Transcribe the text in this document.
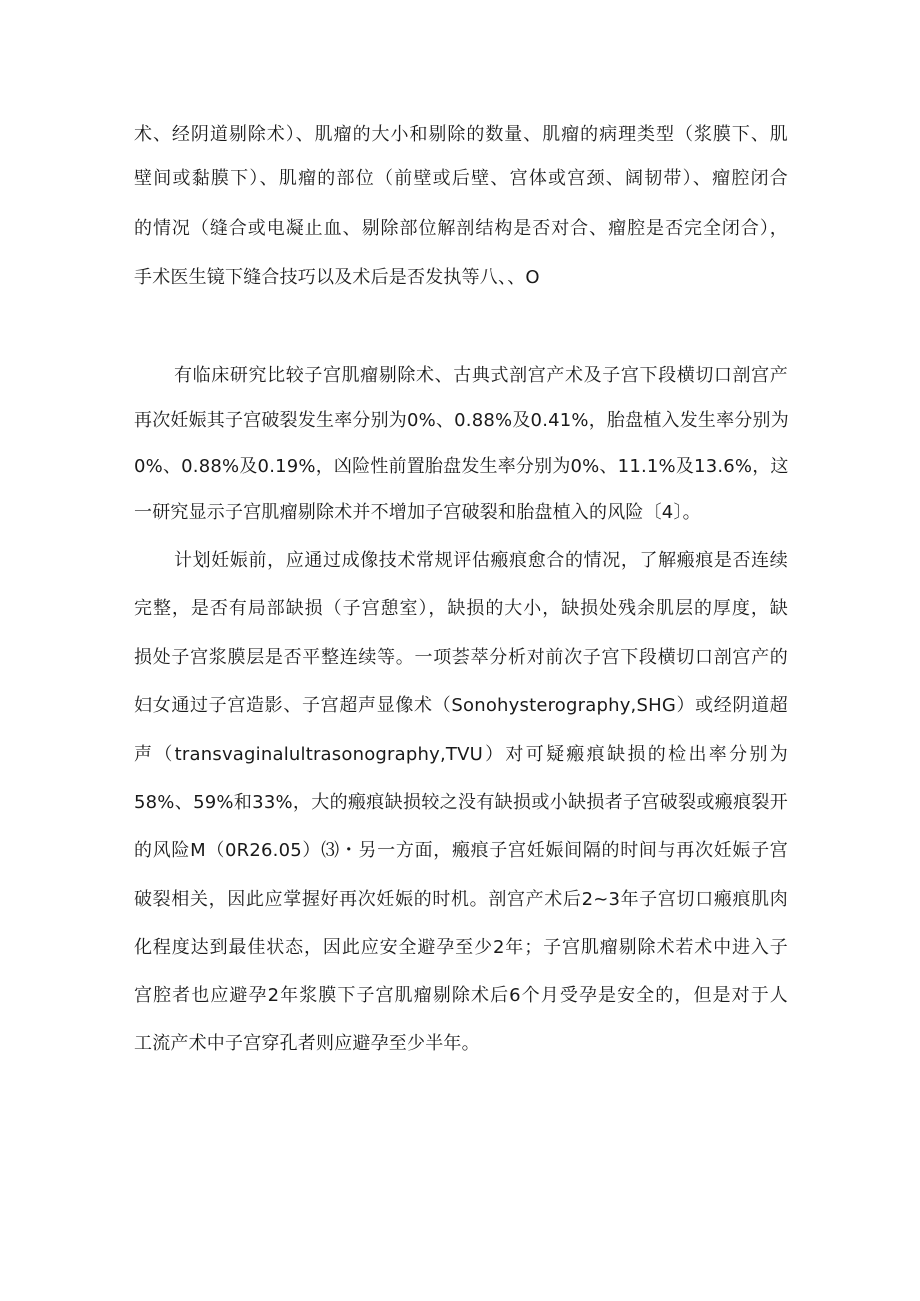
术、经阴道剔除术）、肌瘤的大小和剔除的数量、肌瘤的病理类型（浆膜下、肌
壁间或黏膜下）、肌瘤的部位（前壁或后壁、宫体或宫颈、阔韧带）、瘤腔闭合
的情况（缝合或电凝止血、剔除部位解剖结构是否对合、瘤腔是否完全闭合），
手术医生镜下缝合技巧以及术后是否发执等八、、O
有临床研究比较子宫肌瘤剔除术、古典式剖宫产术及子宫下段横切口剖宫产
再次妊娠其子宫破裂发生率分别为0%、0.88%及0.41%，胎盘植入发生率分别为
0%、0.88%及0.19%，凶险性前置胎盘发生率分别为0%、11.1%及13.6%，这
一研究显示子宫肌瘤剔除术并不增加子宫破裂和胎盘植入的风险〔4〕。
计划妊娠前，应通过成像技术常规评估瘢痕愈合的情况，了解瘢痕是否连续
完整，是否有局部缺损（子宫憩室），缺损的大小，缺损处残余肌层的厚度，缺
损处子宫浆膜层是否平整连续等。一项荟萃分析对前次子宫下段横切口剖宫产的
妇女通过子宫造影、子宫超声显像术（Sonohysterography,SHG）或经阴道超
声（transvaginalultrasonography,TVU）对可疑瘢痕缺损的检出率分别为
58%、59%和33%，大的瘢痕缺损较之没有缺损或小缺损者子宫破裂或瘢痕裂开
的风险M（0R26.05）⑶・另一方面，瘢痕子宫妊娠间隔的时间与再次妊娠子宫
破裂相关，因此应掌握好再次妊娠的时机。剖宫产术后2~3年子宫切口瘢痕肌肉
化程度达到最佳状态，因此应安全避孕至少2年；子宫肌瘤剔除术若术中进入子
宫腔者也应避孕2年浆膜下子宫肌瘤剔除术后6个月受孕是安全的，但是对于人
工流产术中子宫穿孔者则应避孕至少半年。
